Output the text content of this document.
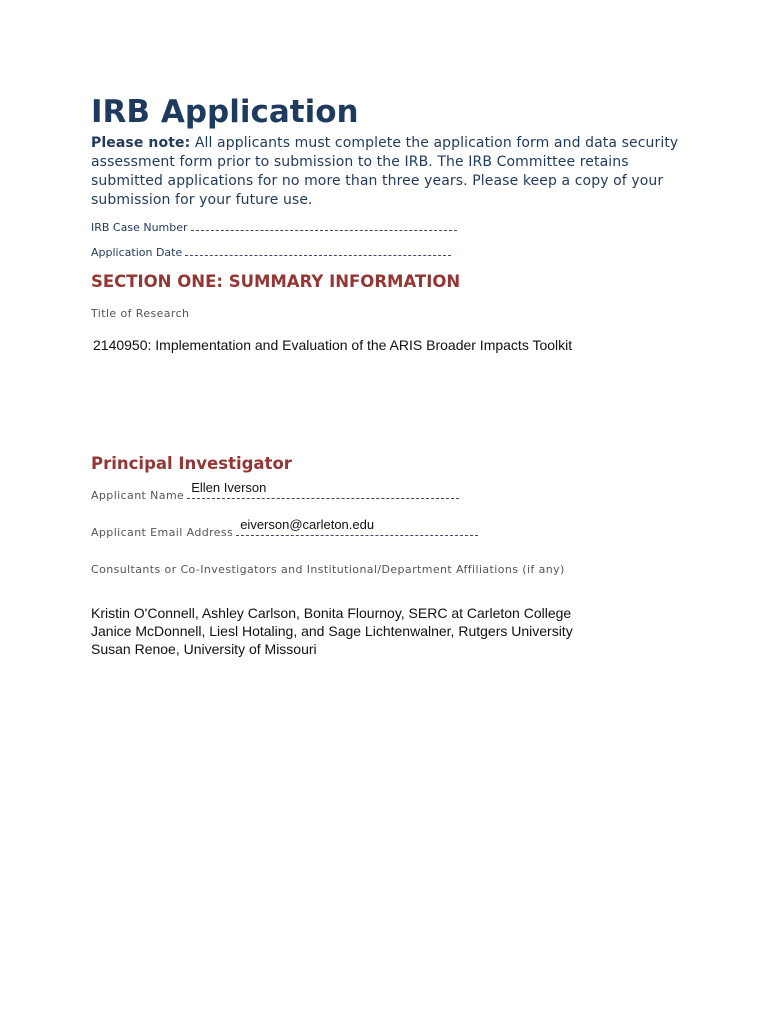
IRB Application
Please note: All applicants must complete the application form and data security assessment form prior to submission to the IRB. The IRB Committee retains submitted applications for no more than three years. Please keep a copy of your submission for your future use.
IRB Case Number
Application Date
SECTION ONE: SUMMARY INFORMATION
Title of Research
2140950: Implementation and Evaluation of the ARIS Broader Impacts Toolkit
Principal Investigator
Applicant Name
Ellen Iverson
Applicant Email Address
eiverson@carleton.edu
Consultants or Co-Investigators and Institutional/Department Affiliations (if any)
Kristin O'Connell, Ashley Carlson, Bonita Flournoy, SERC at Carleton College
Janice McDonnell, Liesl Hotaling, and Sage Lichtenwalner, Rutgers University
Susan Renoe, University of Missouri
